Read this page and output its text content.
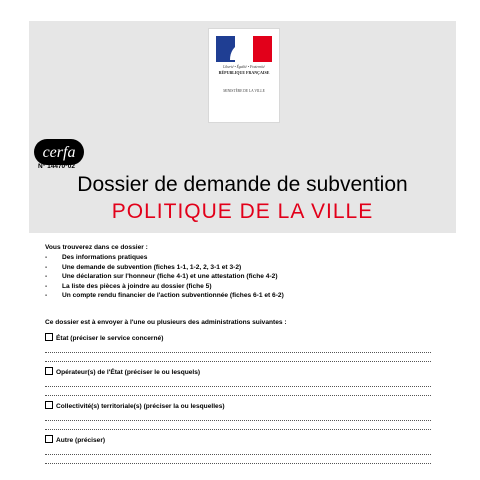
Liberté • Égalité • Fraternité
RÉPUBLIQUE FRANÇAISE
MINISTÈRE DE LA VILLE
cerfa
N° 14470*02
Dossier de demande de subvention
POLITIQUE DE LA VILLE
Vous trouverez dans ce dossier :
- Des informations pratiques
- Une demande de subvention (fiches 1-1, 1-2, 2, 3-1 et 3-2)
- Une déclaration sur l'honneur (fiche 4-1) et une attestation (fiche 4-2)
- La liste des pièces à joindre au dossier (fiche 5)
- Un compte rendu financier de l'action subventionnée (fiches 6-1 et 6-2)
Ce dossier est à envoyer à l'une ou plusieurs des administrations suivantes :
État (préciser le service concerné)
Opérateur(s) de l'État (préciser le ou lesquels)
Collectivité(s) territoriale(s) (préciser la ou lesquelles)
Autre (préciser)
